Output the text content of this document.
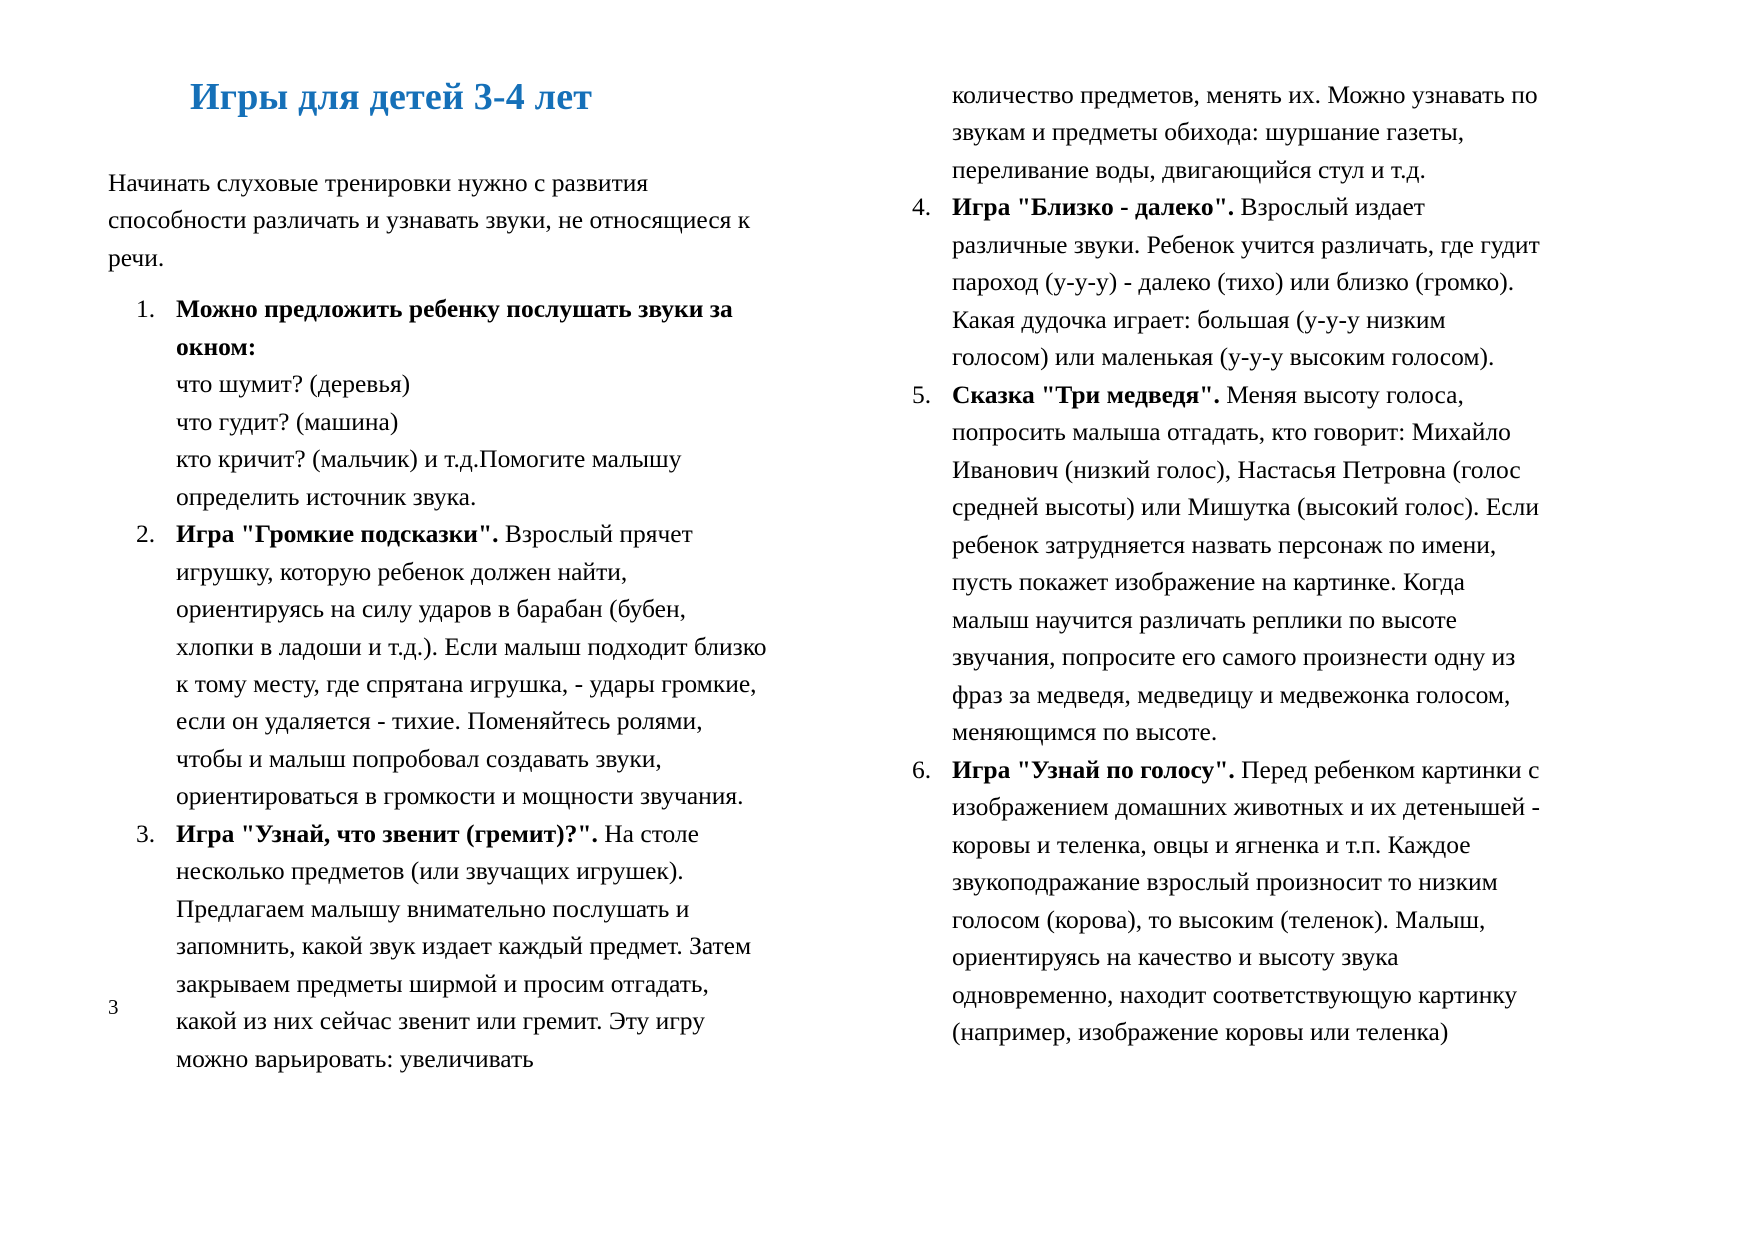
Игры для детей 3-4 лет

Начинать слуховые тренировки нужно с развития способности различать и узнавать звуки, не относящиеся к речи.

Можно предложить ребенку послушать звуки за окном:
что шумит? (деревья)
что гудит? (машина)
кто кричит? (мальчик) и т.д.Помогите малышу определить источник звука.
Игра "Громкие подсказки". Взрослый прячет игрушку, которую ребенок должен найти, ориентируясь на силу ударов в барабан (бубен, хлопки в ладоши и т.д.). Если малыш подходит близко к тому месту, где спрятана игрушка, - удары громкие, если он удаляется - тихие. Поменяйтесь ролями, чтобы и малыш попробовал создавать звуки, ориентироваться в громкости и мощности звучания.
Игра "Узнай, что звенит (гремит)?". На столе несколько предметов (или звучащих игрушек). Предлагаем малышу внимательно послушать и запомнить, какой звук издает каждый предмет. Затем закрываем предметы ширмой и просим отгадать, какой из них сейчас звенит или гремит. Эту игру можно варьировать: увеличивать

количество предметов, менять их. Можно узнавать по звукам и предметы обихода: шуршание газеты, переливание воды, двигающийся стул и т.д.

Игра "Близко - далеко". Взрослый издает различные звуки. Ребенок учится различать, где гудит пароход (у-у-у) - далеко (тихо) или близко (громко). Какая дудочка играет: большая (у-у-у низким голосом) или маленькая (у-у-у высоким голосом).
Сказка "Три медведя". Меняя высоту голоса, попросить малыша отгадать, кто говорит: Михайло Иванович (низкий голос), Настасья Петровна (голос средней высоты) или Мишутка (высокий голос). Если ребенок затрудняется назвать персонаж по имени, пусть покажет изображение на картинке. Когда малыш научится различать реплики по высоте звучания, попросите его самого произнести одну из фраз за медведя, медведицу и медвежонка голосом, меняющимся по высоте.
Игра "Узнай по голосу". Перед ребенком картинки с изображением домашних животных и их детенышей - коровы и теленка, овцы и ягненка и т.п. Каждое звукоподражание взрослый произносит то низким голосом (корова), то высоким (теленок). Малыш, ориентируясь на качество и высоту звука одновременно, находит соответствующую картинку (например, изображение коровы или теленка)
3
